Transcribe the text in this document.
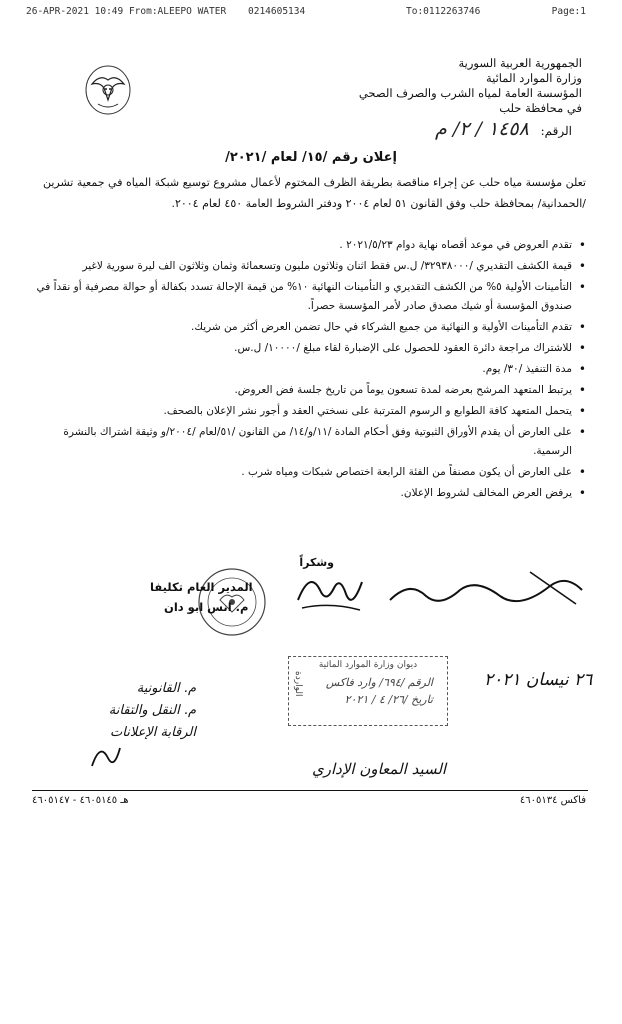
26-APR-2021 10:49 From:ALEEPO WATER 0214605134	To:0112263746	Page:1
الجمهورية العربية السورية
وزارة الموارد المائية
المؤسسة العامة لمياه الشرب والصرف الصحي
في محافظة حلب
الرقم: ١٤٥٨ / ٢/ م
إعلان رقم /١٥/ لعام /٢٠٢١/
تعلن مؤسسة مياه حلب عن إجراء مناقصة بطريقة الظرف المختوم لأعمال مشروع توسيع شبكة المياه في جمعية تشرين /الحمدانية/ بمحافظة حلب وفق القانون ٥١ لعام ٢٠٠٤ ودفتر الشروط العامة ٤٥٠ لعام ٢٠٠٤.
• تقدم العروض في موعد أقصاه نهاية دوام ٢٠٢١/٥/٢٣ .
• قيمة الكشف التقديري /٣٢٩٣٨٠٠٠/ ل.س فقط اثنان وثلاثون مليون وتسعمائة وثمان وثلاثون الف ليرة سورية لاغير
• التأمينات الأولية ٥% من الكشف التقديري و التأمينات النهائية ١٠% من قيمة الإحالة تسدد بكفالة أو حوالة مصرفية أو نقداً في صندوق المؤسسة أو شيك مصدق صادر لأمر المؤسسة حصراً.
• تقدم التأمينات الأولية و النهائية من جميع الشركاء في حال تضمن العرض أكثر من شريك.
• للاشتراك مراجعة دائرة العقود للحصول على الإضبارة لقاء مبلغ /١٠٠٠٠/ ل.س.
• مدة التنفيذ /٣٠/ يوم.
• يرتبط المتعهد المرشح بعرضه لمدة تسعون يوماً من تاريخ جلسة فض العروض.
• يتحمل المتعهد كافة الطوابع و الرسوم المترتبة على نسختي العقد و أجور نشر الإعلان بالصحف.
• على العارض أن يقدم الأوراق الثبوتية وفق أحكام المادة /١١/و/١٤/ من القانون /٥١/لعام /٢٠٠٤/و وثيقة اشتراك بالنشرة الرسمية.
• على العارض أن يكون مصنفاً من الفئة الرابعة اختصاص شبكات ومياه شرب .
• يرفض العرض المخالف لشروط الإعلان.
وشكراً
المدير العام تكليفا
م. انس ابو دان
ديوان وزارة الموارد المائية
الواردة	الرقم /٦٩٤/ وارد فاكس
تاريخ /٢٦/ ٤ / ٢٠٢١
٢٦ نيسان ٢٠٢١
م. القانونية
م. النقل والتقانة
الرقابة الإعلانات
السيد المعاون الإداري
هـ ٤٦٠٥١٤٥ - ٤٦٠٥١٤٧	فاكس ٤٦٠٥١٣٤
